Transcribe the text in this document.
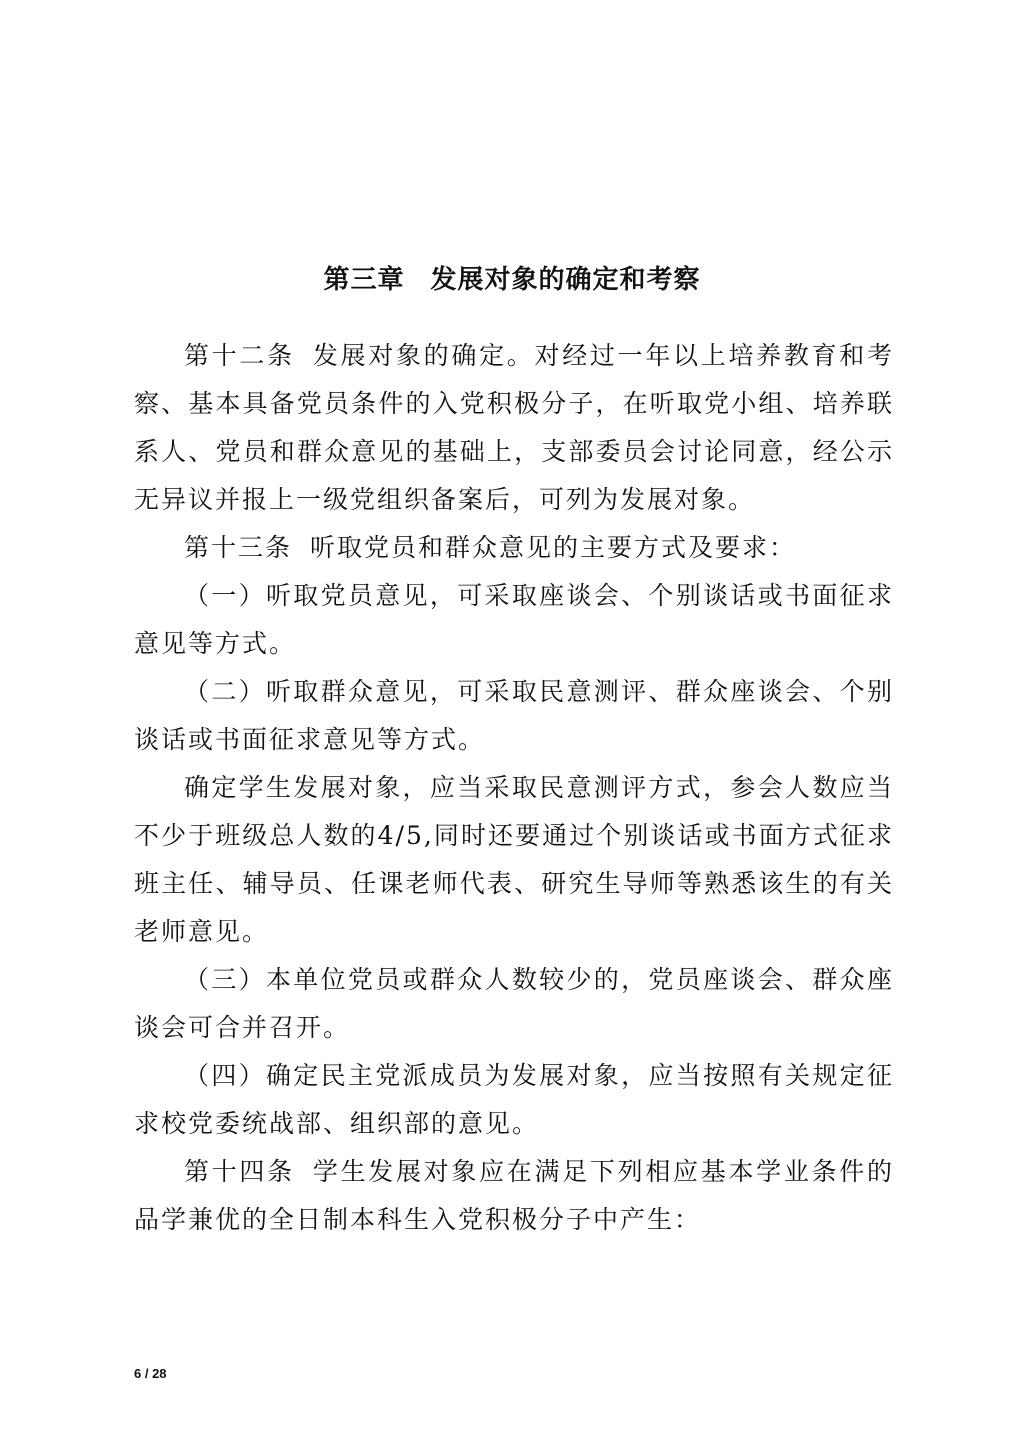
第三章 发展对象的确定和考察

第十二条 发展对象的确定。对经过一年以上培养教育和考察、基本具备党员条件的入党积极分子，在听取党小组、培养联系人、党员和群众意见的基础上，支部委员会讨论同意，经公示无异议并报上一级党组织备案后，可列为发展对象。

第十三条 听取党员和群众意见的主要方式及要求：

（一）听取党员意见，可采取座谈会、个别谈话或书面征求意见等方式。

（二）听取群众意见，可采取民意测评、群众座谈会、个别谈话或书面征求意见等方式。

确定学生发展对象，应当采取民意测评方式，参会人数应当不少于班级总人数的4/5,同时还要通过个别谈话或书面方式征求班主任、辅导员、任课老师代表、研究生导师等熟悉该生的有关老师意见。

（三）本单位党员或群众人数较少的，党员座谈会、群众座谈会可合并召开。

（四）确定民主党派成员为发展对象，应当按照有关规定征求校党委统战部、组织部的意见。

第十四条 学生发展对象应在满足下列相应基本学业条件的品学兼优的全日制本科生入党积极分子中产生：

6 / 28
